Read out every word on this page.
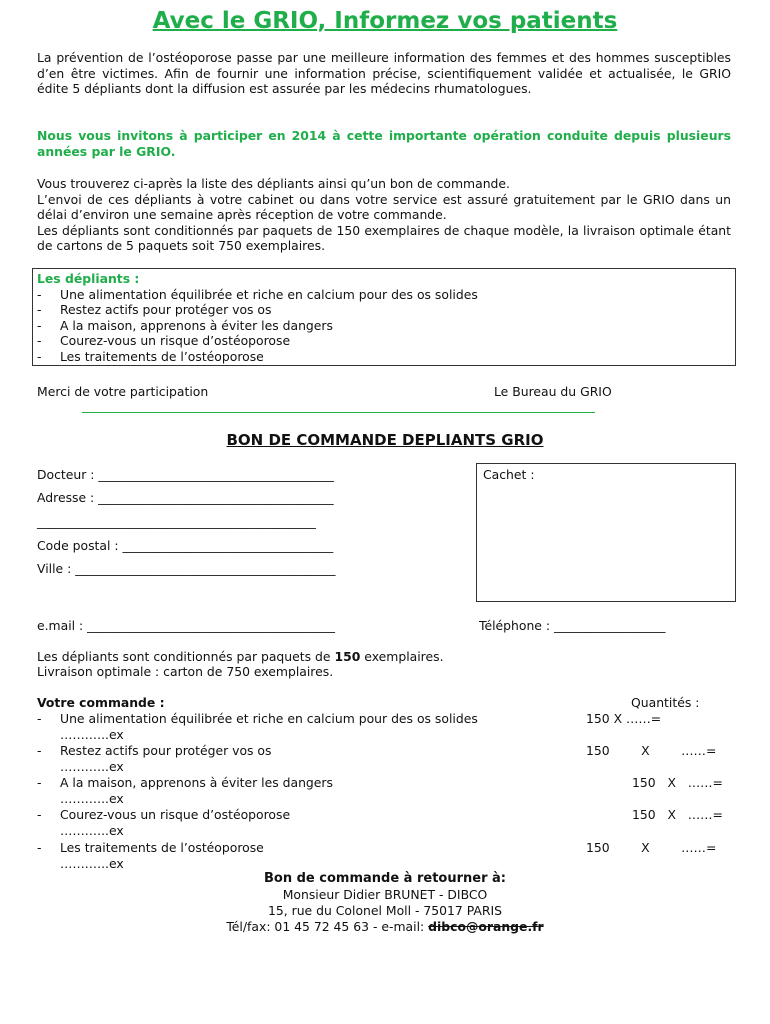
Avec le GRIO, Informez vos patients
La prévention de l’ostéoporose passe par une meilleure information des femmes et des hommes susceptibles d’en être victimes. Afin de fournir une information précise, scientifiquement validée et actualisée, le GRIO édite 5 dépliants dont la diffusion est assurée par les médecins rhumatologues.
Nous vous invitons à participer en 2014 à cette importante opération conduite depuis plusieurs années par le GRIO.
Vous trouverez ci-après la liste des dépliants ainsi qu’un bon de commande.
L’envoi de ces dépliants à votre cabinet ou dans votre service est assuré gratuitement par le GRIO dans un délai d’environ une semaine après réception de votre commande.
Les dépliants sont conditionnés par paquets de 150 exemplaires de chaque modèle, la livraison optimale étant de cartons de 5 paquets soit 750 exemplaires.
Les dépliants :
-	Une alimentation équilibrée et riche en calcium pour des os solides
-	Restez actifs pour protéger vos os
-	A la maison, apprenons à éviter les dangers
-	Courez-vous un risque d’ostéoporose
-	Les traitements de l’ostéoporose
Merci de votre participation	Le Bureau du GRIO
BON DE COMMANDE DEPLIANTS GRIO
Docteur : ______________________________________
Adresse : ______________________________________
_____________________________________________
Code postal : __________________________________
Ville : __________________________________________
Cachet :
e.mail : ________________________________________	Téléphone : __________________
Les dépliants sont conditionnés par paquets de 150 exemplaires.
Livraison optimale : carton de 750 exemplaires.
Votre commande :	Quantités :
-	Une alimentation équilibrée et riche en calcium pour des os solides
…….…..ex
150 X ……=
-	Restez actifs pour protéger vos os
…….…..ex
150        X        ……=
-	A la maison, apprenons à éviter les dangers
…….…..ex
150   X   ……=
-	Courez-vous un risque d’ostéoporose
…….…..ex
150   X   ……=
-	Les traitements de l’ostéoporose
…….…..ex
150        X        ……=
Bon de commande à retourner à:
Monsieur Didier BRUNET - DIBCO
15, rue du Colonel Moll - 75017 PARIS
Tél/fax: 01 45 72 45 63 - e-mail: dibco@orange.fr
